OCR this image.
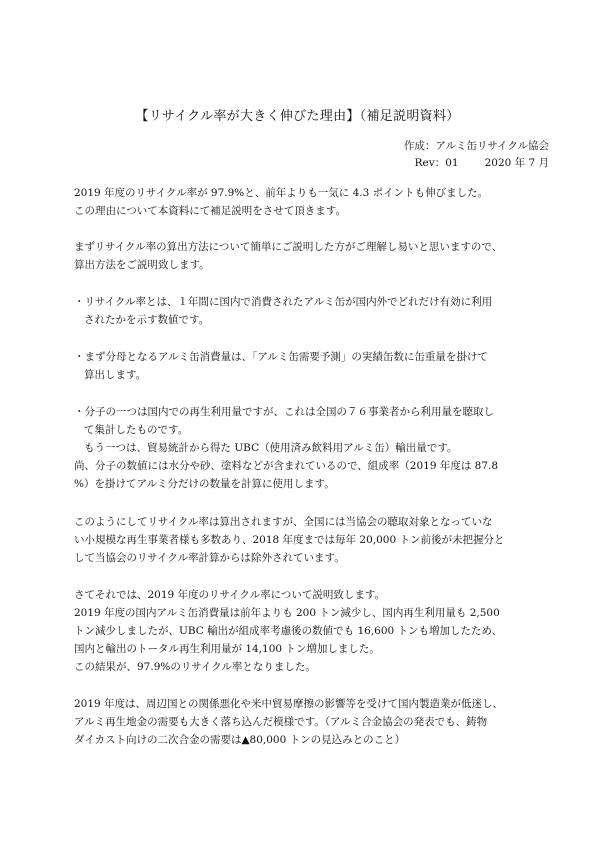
【リサイクル率が大きく伸びた理由】（補足説明資料）
作成：アルミ缶リサイクル協会
Rev：01 2020 年 7 月
2019 年度のリサイクル率が 97.9%と、前年よりも一気に 4.3 ポイントも伸びました。
この理由について本資料にて補足説明をさせて頂きます。
まずリサイクル率の算出方法について簡単にご説明した方がご理解し易いと思いますので、
算出方法をご説明致します。
・リサイクル率とは、１年間に国内で消費されたアルミ缶が国内外でどれだけ有効に利用
されたかを示す数値です。
・まず分母となるアルミ缶消費量は、「アルミ缶需要予測」の実績缶数に缶重量を掛けて
算出します。
・分子の一つは国内での再生利用量ですが、これは全国の７６事業者から利用量を聴取し
て集計したものです。
もう一つは、貿易統計から得た UBC（使用済み飲料用アルミ缶）輸出量です。
尚、分子の数値には水分や砂、塗料などが含まれているので、組成率（2019 年度は 87.8
%）を掛けてアルミ分だけの数量を計算に使用します。
このようにしてリサイクル率は算出されますが、全国には当協会の聴取対象となっていな
い小規模な再生事業者様も多数あり、2018 年度までは毎年 20,000 トン前後が未把握分と
して当協会のリサイクル率計算からは除外されています。
さてそれでは、2019 年度のリサイクル率について説明致します。
2019 年度の国内アルミ缶消費量は前年よりも 200 トン減少し、国内再生利用量も 2,500
トン減少しましたが、UBC 輸出が組成率考慮後の数値でも 16,600 トンも増加したため、
国内と輸出のトータル再生利用量が 14,100 トン増加しました。
この結果が、97.9%のリサイクル率となりました。
2019 年度は、周辺国との関係悪化や米中貿易摩擦の影響等を受けて国内製造業が低迷し、
アルミ再生地金の需要も大きく落ち込んだ模様です。（アルミ合金協会の発表でも、鋳物
ダイカスト向けの二次合金の需要は▲80,000 トンの見込みとのこと）
